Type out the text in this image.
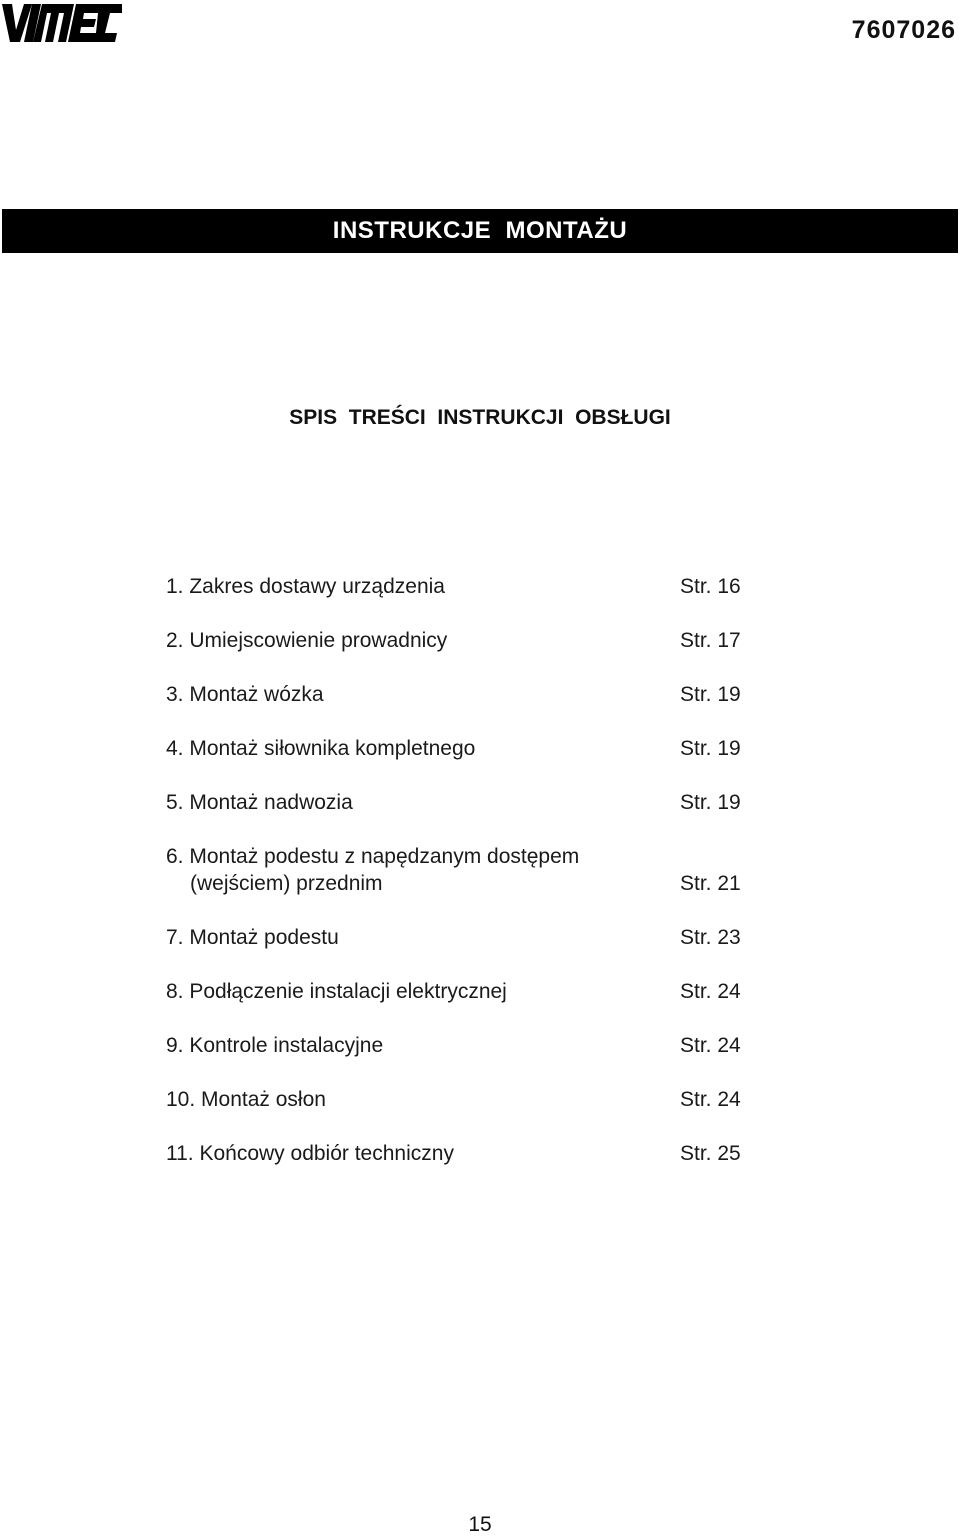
7607026
INSTRUKCJE  MONTAŻU
SPIS  TREŚCI  INSTRUKCJI  OBSŁUGI
1. Zakres dostawy urządzenia	Str. 16
2. Umiejscowienie prowadnicy	Str. 17
3. Montaż wózka	Str. 19
4. Montaż siłownika kompletnego	Str. 19
5. Montaż nadwozia	Str. 19
6. Montaż podestu z napędzanym dostępem
(wejściem) przednim	Str. 21
7. Montaż podestu	Str. 23
8. Podłączenie instalacji elektrycznej	Str. 24
9. Kontrole instalacyjne	Str. 24
10. Montaż osłon	Str. 24
11. Końcowy odbiór techniczny	Str. 25
15
